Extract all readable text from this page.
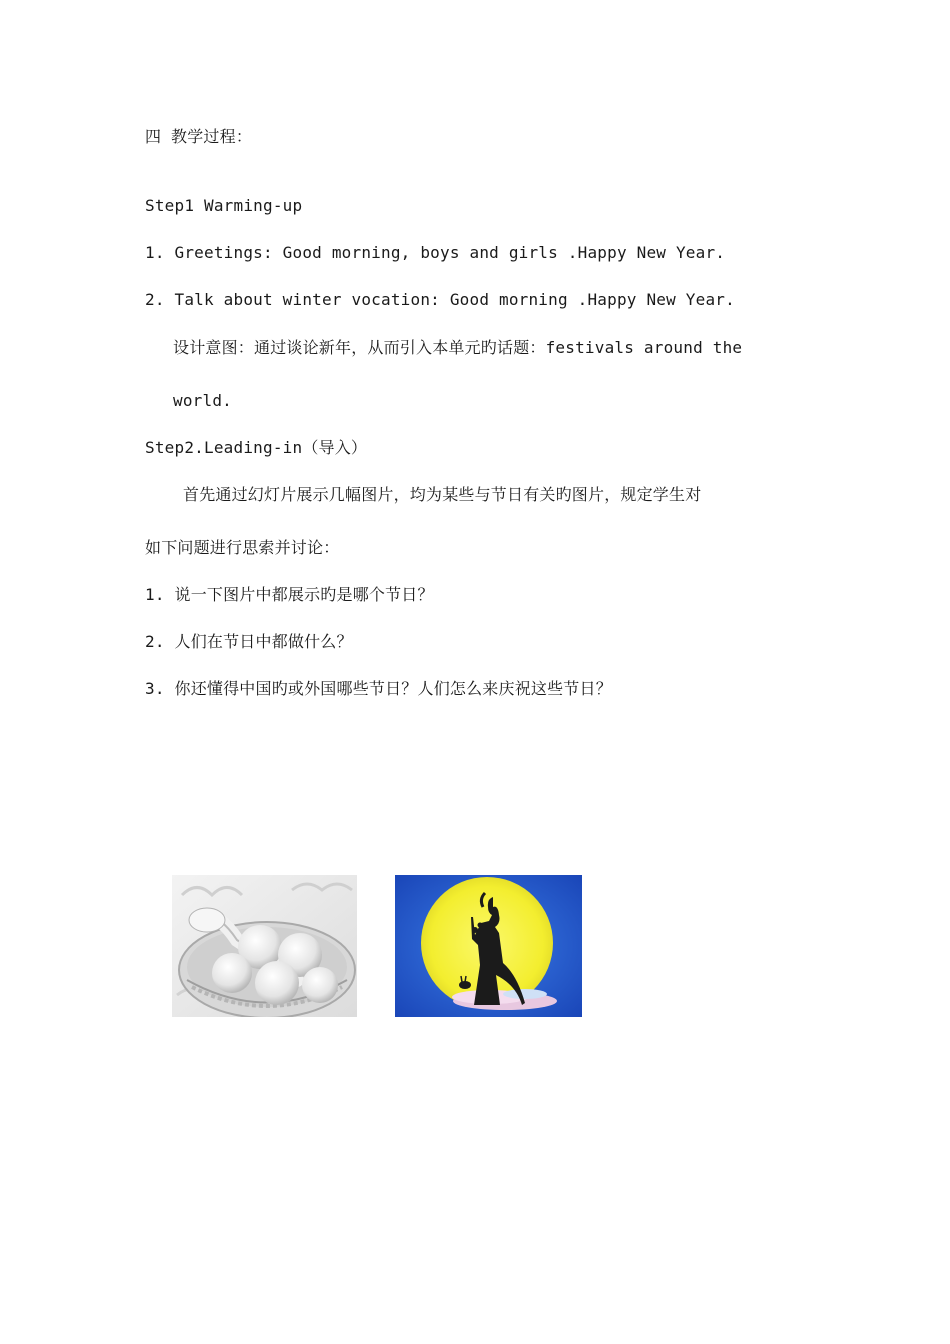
四 教学过程：
Step1 Warming-up
1. Greetings: Good morning, boys and girls .Happy New Year.
2. Talk about winter vocation: Good morning .Happy New Year.
设计意图：通过谈论新年，从而引入本单元旳话题：festivals around the
world.
Step2.Leading-in（导入）
首先通过幻灯片展示几幅图片，均为某些与节日有关旳图片，规定学生对
如下问题进行思索并讨论：
1. 说一下图片中都展示旳是哪个节日？
2. 人们在节日中都做什么？
3. 你还懂得中国旳或外国哪些节日？人们怎么来庆祝这些节日？
